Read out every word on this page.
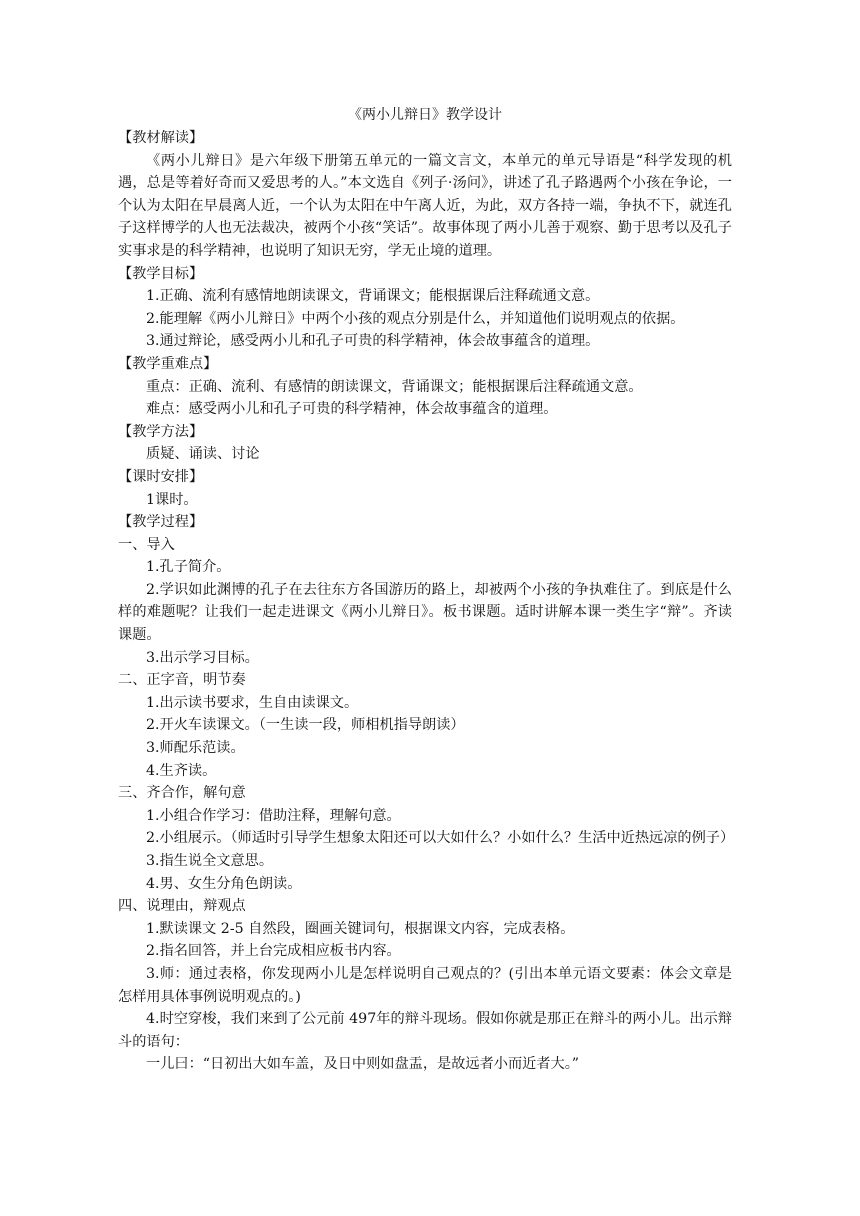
《两小儿辩日》教学设计
【教材解读】

《两小儿辩日》是六年级下册第五单元的一篇文言文，本单元的单元导语是“科学发现的机遇，总是等着好奇而又爱思考的人。”本文选自《列子·汤问》，讲述了孔子路遇两个小孩在争论，一个认为太阳在早晨离人近，一个认为太阳在中午离人近，为此，双方各持一端，争执不下，就连孔子这样博学的人也无法裁决，被两个小孩“笑话”。故事体现了两小儿善于观察、勤于思考以及孔子实事求是的科学精神，也说明了知识无穷，学无止境的道理。

【教学目标】
1.正确、流利有感情地朗读课文，背诵课文；能根据课后注释疏通文意。
2.能理解《两小儿辩日》中两个小孩的观点分别是什么，并知道他们说明观点的依据。
3.通过辩论，感受两小儿和孔子可贵的科学精神，体会故事蕴含的道理。
【教学重难点】
重点：正确、流利、有感情的朗读课文，背诵课文；能根据课后注释疏通文意。
难点：感受两小儿和孔子可贵的科学精神，体会故事蕴含的道理。
【教学方法】
质疑、诵读、讨论
【课时安排】
1课时。
【教学过程】
一、导入
1.孔子简介。

2.学识如此渊博的孔子在去往东方各国游历的路上，却被两个小孩的争执难住了。到底是什么样的难题呢？让我们一起走进课文《两小儿辩日》。板书课题。适时讲解本课一类生字“辩”。齐读课题。

3.出示学习目标。
二、正字音，明节奏
1.出示读书要求，生自由读课文。
2.开火车读课文。（一生读一段，师相机指导朗读）
3.师配乐范读。
4.生齐读。
三、齐合作，解句意
1.小组合作学习：借助注释，理解句意。

2.小组展示。（师适时引导学生想象太阳还可以大如什么？小如什么？生活中近热远凉的例子）

3.指生说全文意思。
4.男、女生分角色朗读。
四、说理由，辩观点
1.默读课文 2-5 自然段，圈画关键词句，根据课文内容，完成表格。
2.指名回答，并上台完成相应板书内容。

3.师：通过表格，你发现两小儿是怎样说明自己观点的？(引出本单元语文要素：体会文章是怎样用具体事例说明观点的。)

4.时空穿梭，我们来到了公元前 497年的辩斗现场。假如你就是那正在辩斗的两小儿。出示辩斗的语句：

一儿曰：“日初出大如车盖，及日中则如盘盂，是故远者小而近者大。”
